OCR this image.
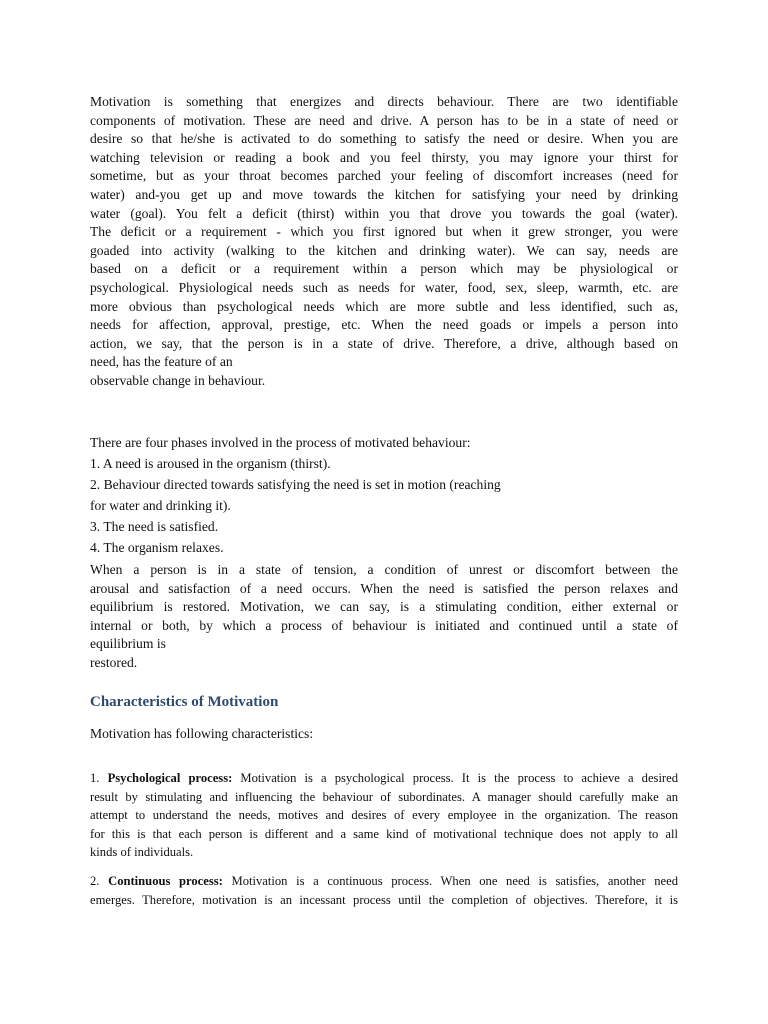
Motivation is something that energizes and directs behaviour. There are two identifiable
components of motivation. These are need and drive. A person has to be in a state of need or
desire so that he/she is activated to do something to satisfy the need or desire. When you are
watching television or reading a book and you feel thirsty, you may ignore your thirst for
sometime, but as your throat becomes parched your feeling of discomfort increases (need for
water) and-you get up and move towards the kitchen for satisfying your need by drinking
water (goal). You felt a deficit (thirst) within you that drove you towards the goal (water).
The deficit or a requirement - which you first ignored but when it grew stronger, you were
goaded into activity (walking to the kitchen and drinking water). We can say, needs are
based on a deficit or a requirement within a person which may be physiological or
psychological. Physiological needs such as needs for water, food, sex, sleep, warmth, etc. are
more obvious than psychological needs which are more subtle and less identified, such as,
needs for affection, approval, prestige, etc. When the need goads or impels a person into
action, we say, that the person is in a state of drive. Therefore, a drive, although based on
need, has the feature of an
observable change in behaviour.
There are four phases involved in the process of motivated behaviour:
1. A need is aroused in the organism (thirst).
2. Behaviour directed towards satisfying the need is set in motion (reaching
for water and drinking it).
3. The need is satisfied.
4. The organism relaxes.
When a person is in a state of tension, a condition of unrest or discomfort between the
arousal and satisfaction of a need occurs. When the need is satisfied the person relaxes and
equilibrium is restored. Motivation, we can say, is a stimulating condition, either external or
internal or both, by which a process of behaviour is initiated and continued until a state of
equilibrium is
restored.
Characteristics of Motivation
Motivation has following characteristics:
1. Psychological process: Motivation is a psychological process. It is the process to achieve a desired
result by stimulating and influencing the behaviour of subordinates. A manager should carefully make an
attempt to understand the needs, motives and desires of every employee in the organization. The reason
for this is that each person is different and a same kind of motivational technique does not apply to all
kinds of individuals.
2. Continuous process: Motivation is a continuous process. When one need is satisfies, another need
emerges. Therefore, motivation is an incessant process until the completion of objectives. Therefore, it is
